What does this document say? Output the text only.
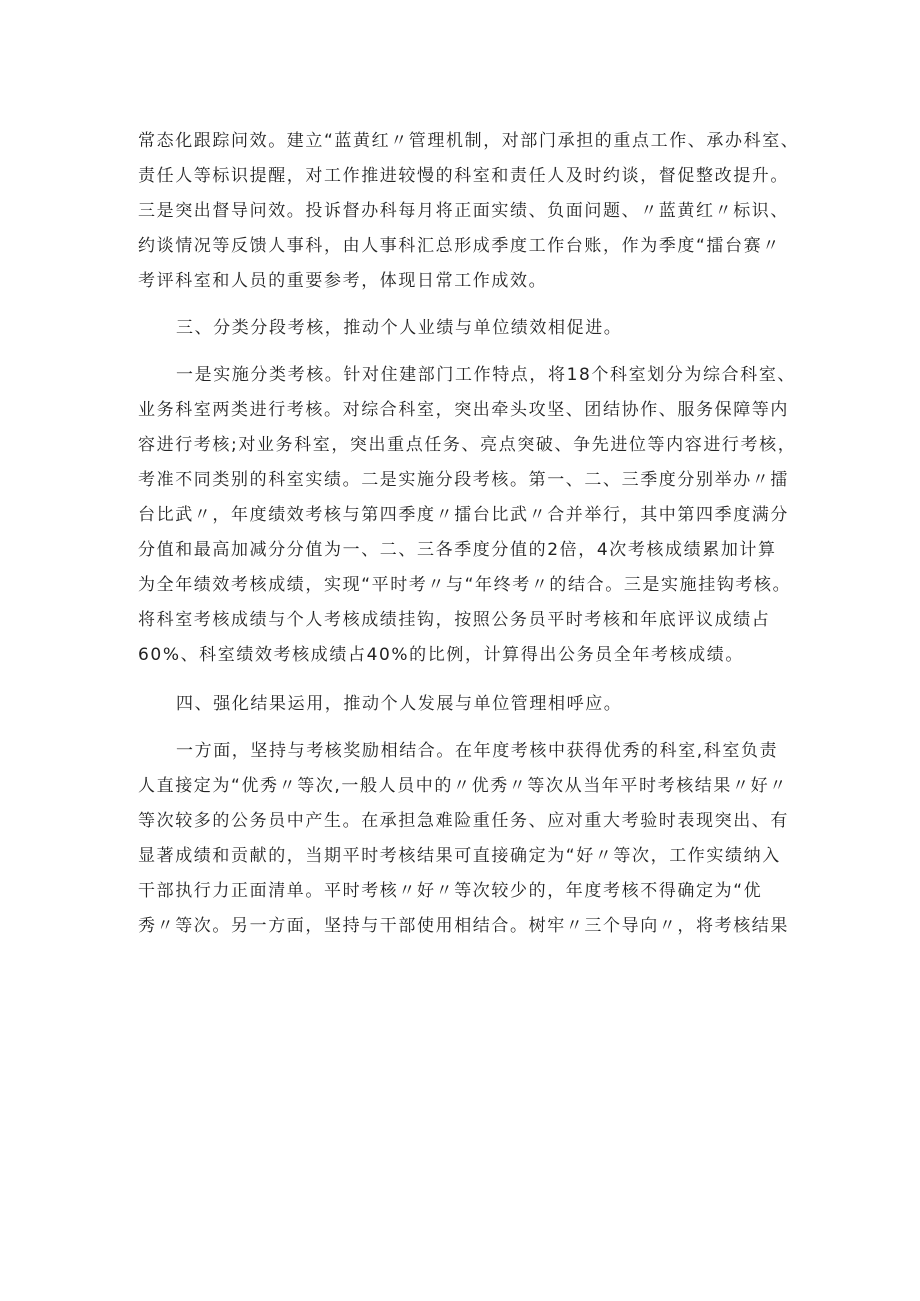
常态化跟踪问效。建立“蓝黄红〃管理机制，对部门承担的重点工作、承办科室、
责任人等标识提醒，对工作推进较慢的科室和责任人及时约谈，督促整改提升。
三是突出督导问效。投诉督办科每月将正面实绩、负面问题、〃蓝黄红〃标识、
约谈情况等反馈人事科，由人事科汇总形成季度工作台账，作为季度“擂台赛〃
考评科室和人员的重要参考，体现日常工作成效。
三、分类分段考核，推动个人业绩与单位绩效相促进。
一是实施分类考核。针对住建部门工作特点，将18个科室划分为综合科室、
业务科室两类进行考核。对综合科室，突出牵头攻坚、团结协作、服务保障等内
容进行考核;对业务科室，突出重点任务、亮点突破、争先进位等内容进行考核，
考准不同类别的科室实绩。二是实施分段考核。第一、二、三季度分别举办〃擂
台比武〃，年度绩效考核与第四季度〃擂台比武〃合并举行，其中第四季度满分
分值和最高加减分分值为一、二、三各季度分值的2倍，4次考核成绩累加计算
为全年绩效考核成绩，实现“平时考〃与“年终考〃的结合。三是实施挂钩考核。
将科室考核成绩与个人考核成绩挂钩，按照公务员平时考核和年底评议成绩占
60%、科室绩效考核成绩占40%的比例，计算得出公务员全年考核成绩。
四、强化结果运用，推动个人发展与单位管理相呼应。
一方面，坚持与考核奖励相结合。在年度考核中获得优秀的科室,科室负责
人直接定为“优秀〃等次,一般人员中的〃优秀〃等次从当年平时考核结果〃好〃
等次较多的公务员中产生。在承担急难险重任务、应对重大考验时表现突出、有
显著成绩和贡献的，当期平时考核结果可直接确定为“好〃等次，工作实绩纳入
干部执行力正面清单。平时考核〃好〃等次较少的，年度考核不得确定为“优
秀〃等次。另一方面，坚持与干部使用相结合。树牢〃三个导向〃，将考核结果
